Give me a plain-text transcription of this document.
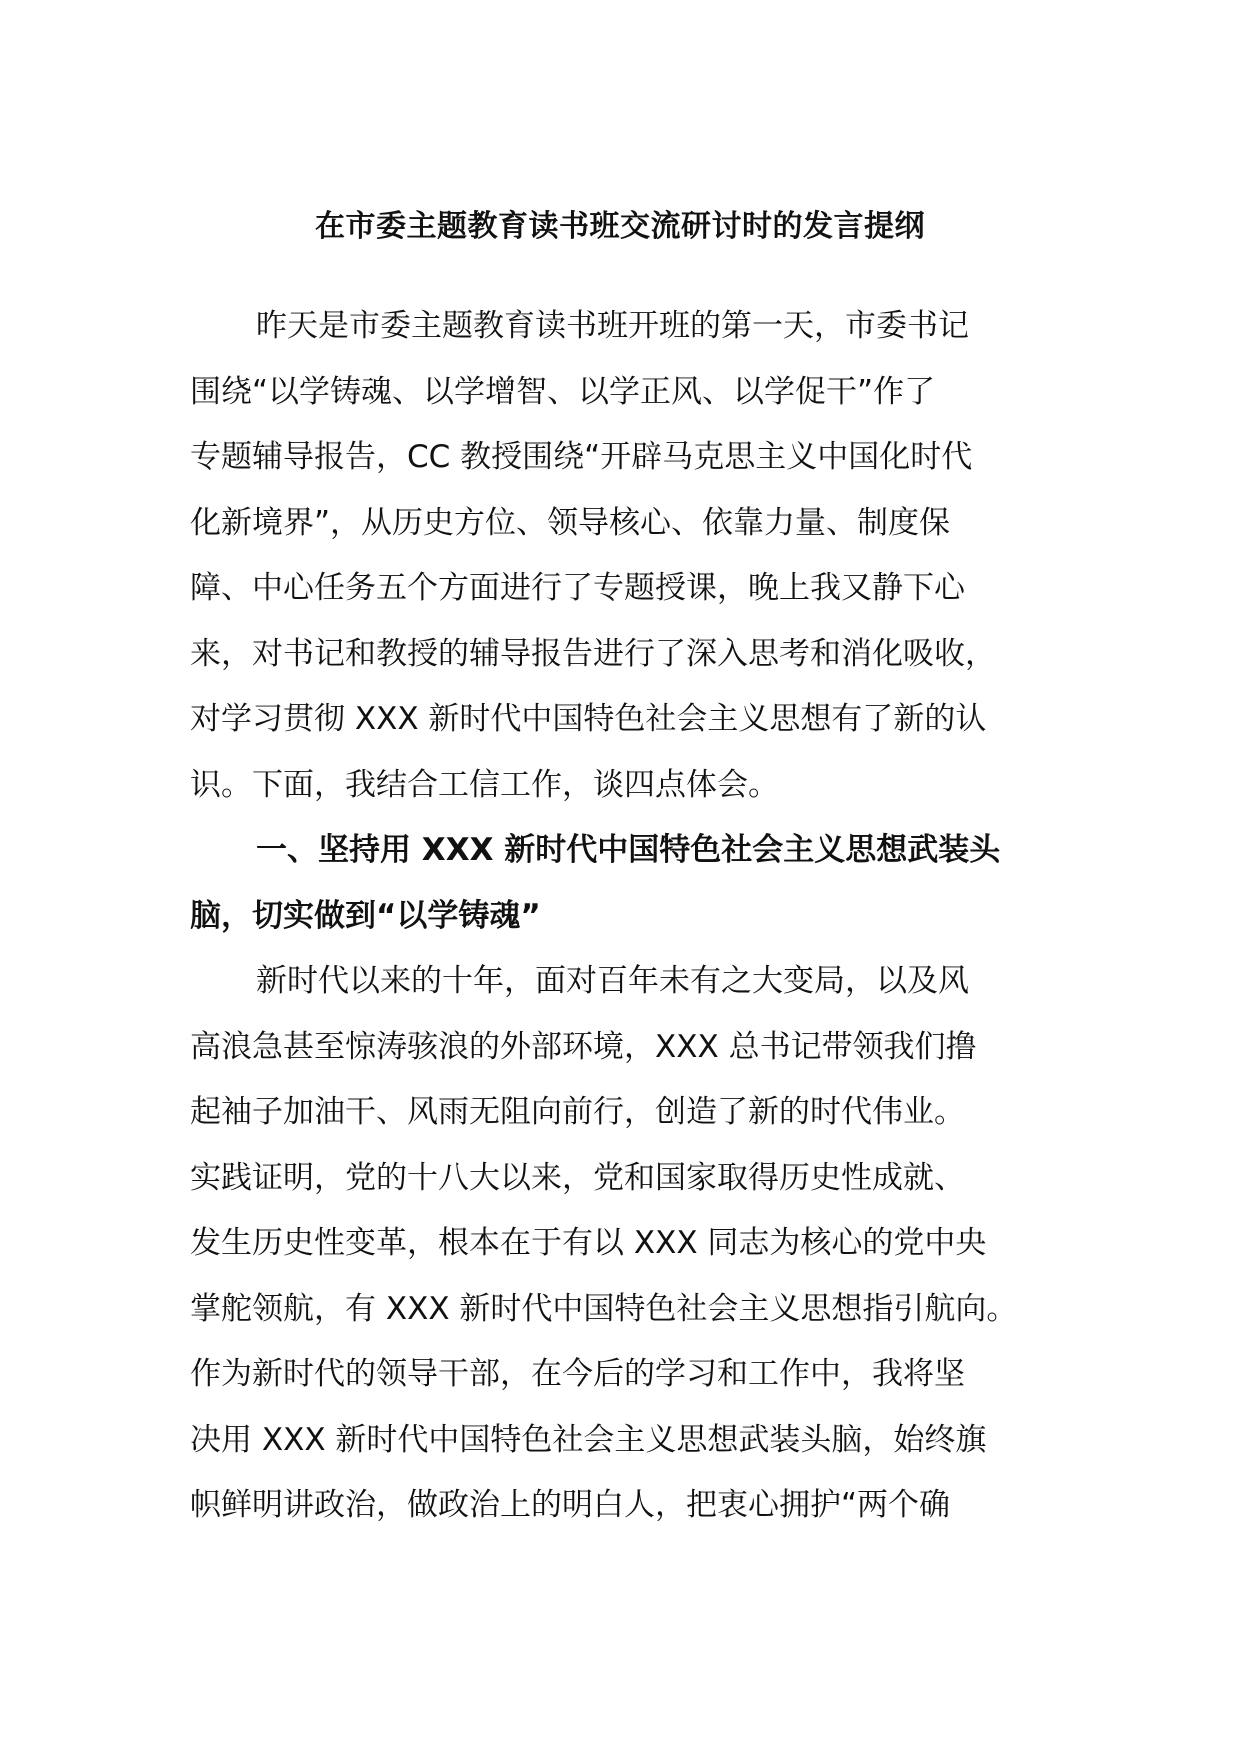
在市委主题教育读书班交流研讨时的发言提纲
昨天是市委主题教育读书班开班的第一天，市委书记
围绕“以学铸魂、以学增智、以学正风、以学促干”作了
专题辅导报告，CC 教授围绕“开辟马克思主义中国化时代
化新境界”，从历史方位、领导核心、依靠力量、制度保
障、中心任务五个方面进行了专题授课，晚上我又静下心
来，对书记和教授的辅导报告进行了深入思考和消化吸收，
对学习贯彻 XXX 新时代中国特色社会主义思想有了新的认
识。下面，我结合工信工作，谈四点体会。
一、坚持用 XXX 新时代中国特色社会主义思想武装头
脑，切实做到“以学铸魂”
新时代以来的十年，面对百年未有之大变局，以及风
高浪急甚至惊涛骇浪的外部环境，XXX 总书记带领我们撸
起袖子加油干、风雨无阻向前行，创造了新的时代伟业。
实践证明，党的十八大以来，党和国家取得历史性成就、
发生历史性变革，根本在于有以 XXX 同志为核心的党中央
掌舵领航，有 XXX 新时代中国特色社会主义思想指引航向。
作为新时代的领导干部，在今后的学习和工作中，我将坚
决用 XXX 新时代中国特色社会主义思想武装头脑，始终旗
帜鲜明讲政治，做政治上的明白人，把衷心拥护“两个确
